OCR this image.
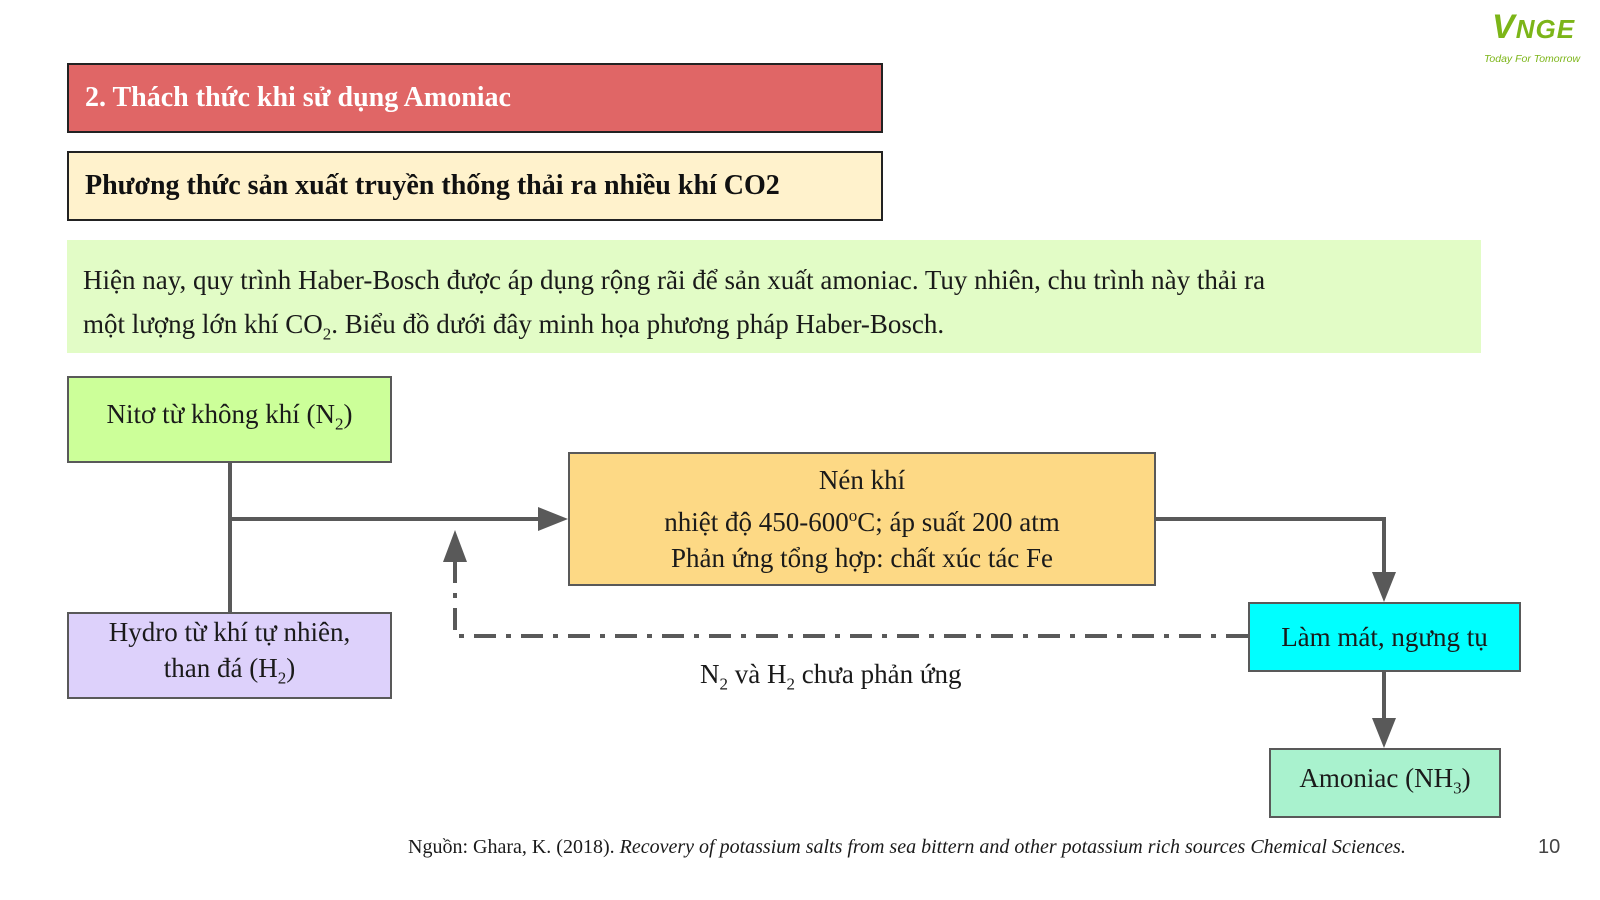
VNGE
Today For Tomorrow
2. Thách thức khi sử dụng Amoniac
Phương thức sản xuất truyền thống thải ra nhiều khí CO2
Hiện nay, quy trình Haber-Bosch được áp dụng rộng rãi để sản xuất amoniac. Tuy nhiên, chu trình này thải ra
một lượng lớn khí $CO_2$. Biểu đồ dưới đây minh họa phương pháp Haber-Bosch.
Nitơ từ không khí $(N_2)$
Hydro từ khí tự nhiên,
than đá $(H_2)$
Nén khí
nhiệt độ 450-600$^o$C; áp suất 200 atm
Phản ứng tổng hợp: chất xúc tác Fe
Làm mát, ngưng tụ
Amoniac $(NH_3)$
$N_2$ và $H_2$ chưa phản ứng
Nguồn: Ghara, K. (2018). Recovery of potassium salts from sea bittern and other potassium rich sources Chemical Sciences.	10
